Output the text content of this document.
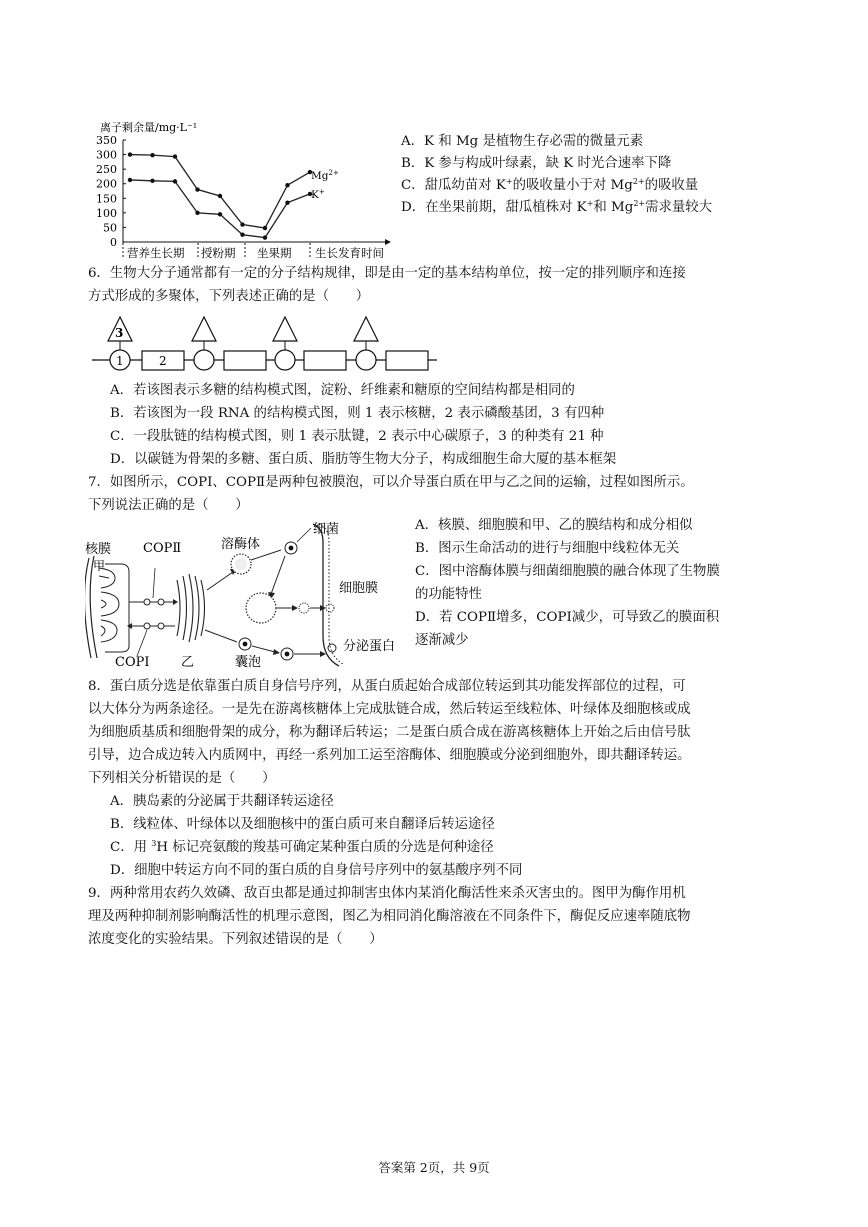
离子剩余量/mg·L⁻¹
350
300
250
200
150
100
50
0
营养生长期 授粉期 坐果期 生长发育时间
$Mg^{2+}$
K+
A．K 和 Mg 是植物生存必需的微量元素
B．K 参与构成叶绿素，缺 K 时光合速率下降
C．甜瓜幼苗对 K+的吸收量小于对 $Mg^{2+}$的吸收量
D．在坐果前期，甜瓜植株对 K+和 $Mg^{2+}$需求量较大
6．生物大分子通常都有一定的分子结构规律，即是由一定的基本结构单位，按一定的排列顺序和连接
方式形成的多聚体，下列表述正确的是（　　）
3
1	2
A．若该图表示多糖的结构模式图，淀粉、纤维素和糖原的空间结构都是相同的
B．若该图为一段 RNA 的结构模式图，则 1 表示核糖，2 表示磷酸基团，3 有四种
C．一段肽链的结构模式图，则 1 表示肽键，2 表示中心碳原子，3 的种类有 21 种
D．以碳链为骨架的多糖、蛋白质、脂肪等生物大分子，构成细胞生命大厦的基本框架
7．如图所示，COPⅠ、COPⅡ是两种包被膜泡，可以介导蛋白质在甲与乙之间的运输，过程如图所示。
下列说法正确的是（　　）
细菌
溶酶体
核膜
甲
COPⅡ
细胞膜
COPⅠ 乙	囊泡
分泌蛋白
A．核膜、细胞膜和甲、乙的膜结构和成分相似
B．图示生命活动的进行与细胞中线粒体无关
C．图中溶酶体膜与细菌细胞膜的融合体现了生物膜
的功能特性
D．若 COPⅡ增多，COPⅠ减少，可导致乙的膜面积
逐渐减少
8．蛋白质分选是依靠蛋白质自身信号序列，从蛋白质起始合成部位转运到其功能发挥部位的过程，可
以大体分为两条途径。一是先在游离核糖体上完成肽链合成，然后转运至线粒体、叶绿体及细胞核或成
为细胞质基质和细胞骨架的成分，称为翻译后转运；二是蛋白质合成在游离核糖体上开始之后由信号肽
引导，边合成边转入内质网中，再经一系列加工运至溶酶体、细胞膜或分泌到细胞外，即共翻译转运。
下列相关分析错误的是（　　）
A．胰岛素的分泌属于共翻译转运途径
B．线粒体、叶绿体以及细胞核中的蛋白质可来自翻译后转运途径
C．用 $^3$H 标记亮氨酸的羧基可确定某种蛋白质的分选是何种途径
D．细胞中转运方向不同的蛋白质的自身信号序列中的氨基酸序列不同
9．两种常用农药久效磷、敌百虫都是通过抑制害虫体内某消化酶活性来杀灭害虫的。图甲为酶作用机
理及两种抑制剂影响酶活性的机理示意图，图乙为相同消化酶溶液在不同条件下，酶促反应速率随底物
浓度变化的实验结果。下列叙述错误的是（　　）
答案第 2页，共 9页
